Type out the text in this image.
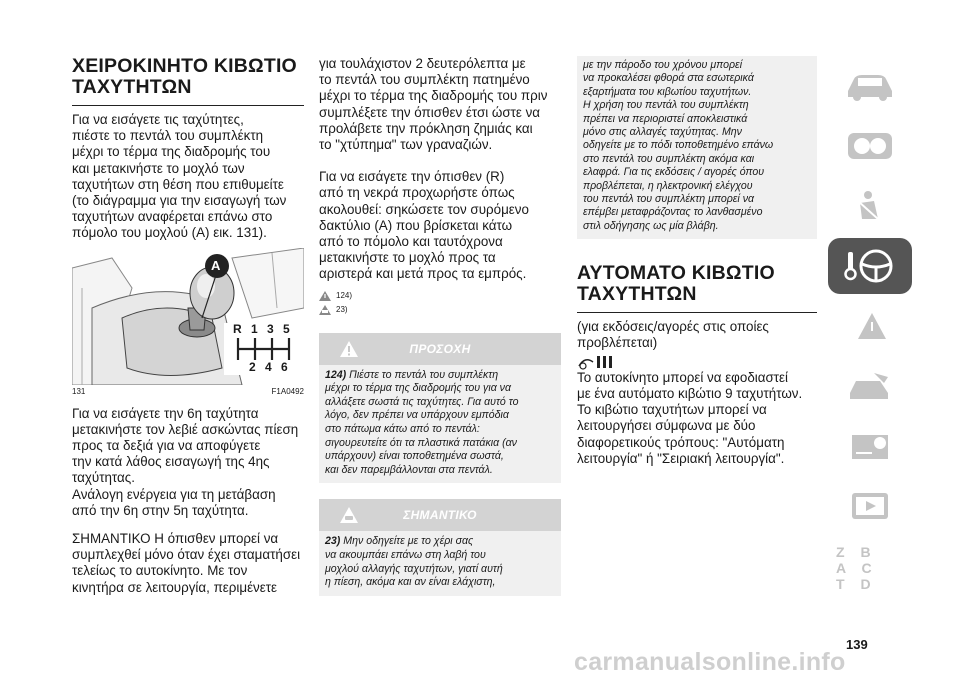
ΧΕΙΡΟΚΙΝΗΤΟ ΚΙΒΩΤΙΟ
ΤΑΧΥΤΗΤΩΝ

Για να εισάγετε τις ταχύτητες,
πιέστε το πεντάλ του συμπλέκτη
μέχρι το τέρμα της διαδρομής του
και μετακινήστε το μοχλό των
ταχυτήτων στη θέση που επιθυμείτε
(το διάγραμμα για την εισαγωγή των
ταχυτήτων αναφέρεται επάνω στο
πόμολο του μοχλού (A) εικ. 131).

A
R 1 3 5
2 4 6
131	F1A0492

Για να εισάγετε την 6η ταχύτητα
μετακινήστε τον λεβιέ ασκώντας πίεση
προς τα δεξιά για να αποφύγετε
την κατά λάθος εισαγωγή της 4ης
ταχύτητας.
Ανάλογη ενέργεια για τη μετάβαση
από την 6η στην 5η ταχύτητα.

ΣΗΜΑΝΤΙΚΟ Η όπισθεν μπορεί να
συμπλεχθεί μόνο όταν έχει σταματήσει
τελείως το αυτοκίνητο. Με τον
κινητήρα σε λειτουργία, περιμένετε

για τουλάχιστον 2 δευτερόλεπτα με
το πεντάλ του συμπλέκτη πατημένο
μέχρι το τέρμα της διαδρομής του πριν
συμπλέξετε την όπισθεν έτσι ώστε να
προλάβετε την πρόκληση ζημιάς και
το "χτύπημα" των γραναζιών.

Για να εισάγετε την όπισθεν (R)
από τη νεκρά προχωρήστε όπως
ακολουθεί: σηκώσετε τον συρόμενο
δακτύλιο (A) που βρίσκεται κάτω
από το πόμολο και ταυτόχρονα
μετακινήστε το μοχλό προς τα
αριστερά και μετά προς τα εμπρός.

124)
23)
ΠΡΟΣΟΧΗ
124) Πιέστε το πεντάλ του συμπλέκτη
μέχρι το τέρμα της διαδρομής του για να
αλλάξετε σωστά τις ταχύτητες. Για αυτό το
λόγο, δεν πρέπει να υπάρχουν εμπόδια
στο πάτωμα κάτω από το πεντάλ:
σιγουρευτείτε ότι τα πλαστικά πατάκια (αν
υπάρχουν) είναι τοποθετημένα σωστά,
και δεν παρεμβάλλονται στα πεντάλ.
ΣΗΜΑΝΤΙΚΟ
23) Μην οδηγείτε με το χέρι σας
να ακουμπάει επάνω στη λαβή του
μοχλού αλλαγής ταχυτήτων, γιατί αυτή
η πίεση, ακόμα και αν είναι ελάχιστη,
με την πάροδο του χρόνου μπορεί
να προκαλέσει φθορά στα εσωτερικά
εξαρτήματα του κιβωτίου ταχυτήτων.
Η χρήση του πεντάλ του συμπλέκτη
πρέπει να περιοριστεί αποκλειστικά
μόνο στις αλλαγές ταχύτητας. Μην
οδηγείτε με το πόδι τοποθετημένο επάνω
στο πεντάλ του συμπλέκτη ακόμα και
ελαφρά. Για τις εκδόσεις / αγορές όπου
προβλέπεται, η ηλεκτρονική ελέγχου
του πεντάλ του συμπλέκτη μπορεί να
επέμβει μεταφράζοντας το λανθασμένο
στιλ οδήγησης ως μία βλάβη.
ΑΥΤΟΜΑΤΟ ΚΙΒΩΤΙΟ
ΤΑΧΥΤΗΤΩΝ

(για εκδόσεις/αγορές στις οποίες
προβλέπεται)

Το αυτοκίνητο μπορεί να εφοδιαστεί
με ένα αυτόματο κιβώτιο 9 ταχυτήτων.
Το κιβώτιο ταχυτήτων μπορεί να
λειτουργήσει σύμφωνα με δύο
διαφορετικούς τρόπους: "Αυτόματη
λειτουργία" ή "Σειριακή λειτουργία".

Z B A C T D
139
carmanualsonline.info
